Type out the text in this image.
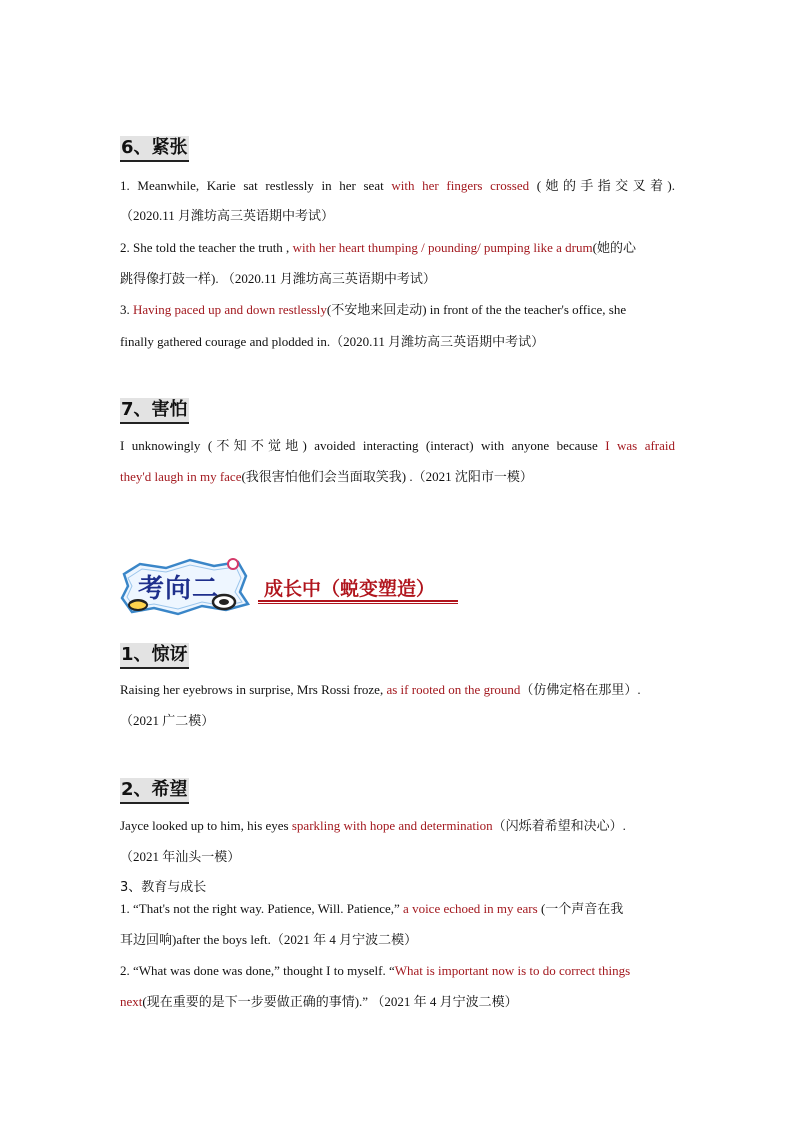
6、紧张
1. Meanwhile, Karie sat restlessly in her seat with her fingers crossed (她的手指交叉着).
（2020.11 月潍坊高三英语期中考试）
2. She told the teacher the truth , with her heart thumping / pounding/ pumping like a drum(她的心
跳得像打鼓一样). （2020.11 月潍坊高三英语期中考试）
3. Having paced up and down restlessly(不安地来回走动) in front of the the teacher's office, she
finally gathered courage and plodded in.（2020.11 月潍坊高三英语期中考试）
7、害怕
I unknowingly (不知不觉地) avoided interacting (interact) with anyone because I was afraid
they'd laugh in my face(我很害怕他们会当面取笑我) .（2021 沈阳市一模）
考向二 成长中（蜕变塑造）
1、惊讶
Raising her eyebrows in surprise, Mrs Rossi froze, as if rooted on the ground（仿佛定格在那里）.
（2021 广二模）
2、希望
Jayce looked up to him, his eyes sparkling with hope and determination（闪烁着希望和决心）.
（2021 年汕头一模）
3、教育与成长
1. “That's not the right way. Patience, Will. Patience,” a voice echoed in my ears (一个声音在我
耳边回响)after the boys left.（2021 年 4 月宁波二模）
2. “What was done was done,” thought I to myself. “What is important now is to do correct things
next(现在重要的是下一步要做正确的事情).” （2021 年 4 月宁波二模）
